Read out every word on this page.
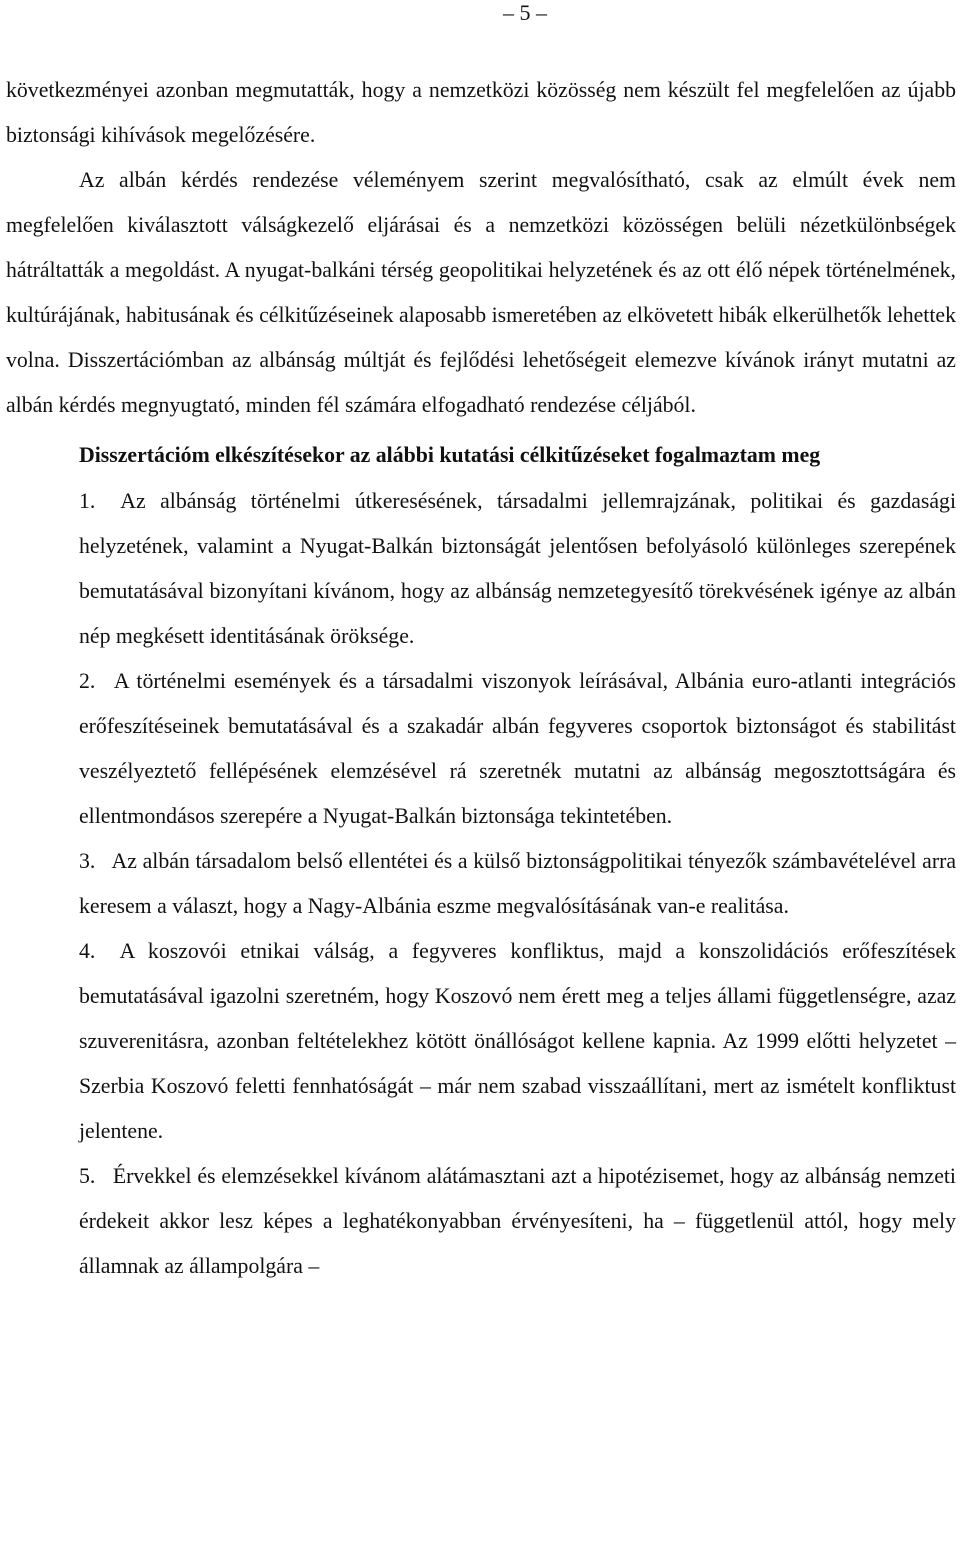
– 5 –

következményei azonban megmutatták, hogy a nemzetközi közösség nem készült fel megfelelően az újabb biztonsági kihívások megelőzésére.

Az albán kérdés rendezése véleményem szerint megvalósítható, csak az elmúlt évek nem megfelelően kiválasztott válságkezelő eljárásai és a nemzetközi közösségen belüli nézetkülönbségek hátráltatták a megoldást. A nyugat-balkáni térség geopolitikai helyzetének és az ott élő népek történelmének, kultúrájának, habitusának és célkitűzéseinek alaposabb ismeretében az elkövetett hibák elkerülhetők lehettek volna. Disszertációmban az albánság múltját és fejlődési lehetőségeit elemezve kívánok irányt mutatni az albán kérdés megnyugtató, minden fél számára elfogadható rendezése céljából.

Disszertációm elkészítésekor az alábbi kutatási célkitűzéseket fogalmaztam meg

1. Az albánság történelmi útkeresésének, társadalmi jellemrajzának, politikai és gazdasági helyzetének, valamint a Nyugat-Balkán biztonságát jelentősen befolyásoló különleges szerepének bemutatásával bizonyítani kívánom, hogy az albánság nemzetegyesítő törekvésének igénye az albán nép megkésett identitásának öröksége.

2. A történelmi események és a társadalmi viszonyok leírásával, Albánia euro-atlanti integrációs erőfeszítéseinek bemutatásával és a szakadár albán fegyveres csoportok biztonságot és stabilitást veszélyeztető fellépésének elemzésével rá szeretnék mutatni az albánság megosztottságára és ellentmondásos szerepére a Nyugat-Balkán biztonsága tekintetében.

3. Az albán társadalom belső ellentétei és a külső biztonságpolitikai tényezők számbavételével arra keresem a választ, hogy a Nagy-Albánia eszme megvalósításának van-e realitása.

4. A koszovói etnikai válság, a fegyveres konfliktus, majd a konszolidációs erőfeszítések bemutatásával igazolni szeretném, hogy Koszovó nem érett meg a teljes állami függetlenségre, azaz szuverenitásra, azonban feltételekhez kötött önállóságot kellene kapnia. Az 1999 előtti helyzetet – Szerbia Koszovó feletti fennhatóságát – már nem szabad visszaállítani, mert az ismételt konfliktust jelentene.

5. Érvekkel és elemzésekkel kívánom alátámasztani azt a hipotézisemet, hogy az albánság nemzeti érdekeit akkor lesz képes a leghatékonyabban érvényesíteni, ha – függetlenül attól, hogy mely államnak az állampolgára –
